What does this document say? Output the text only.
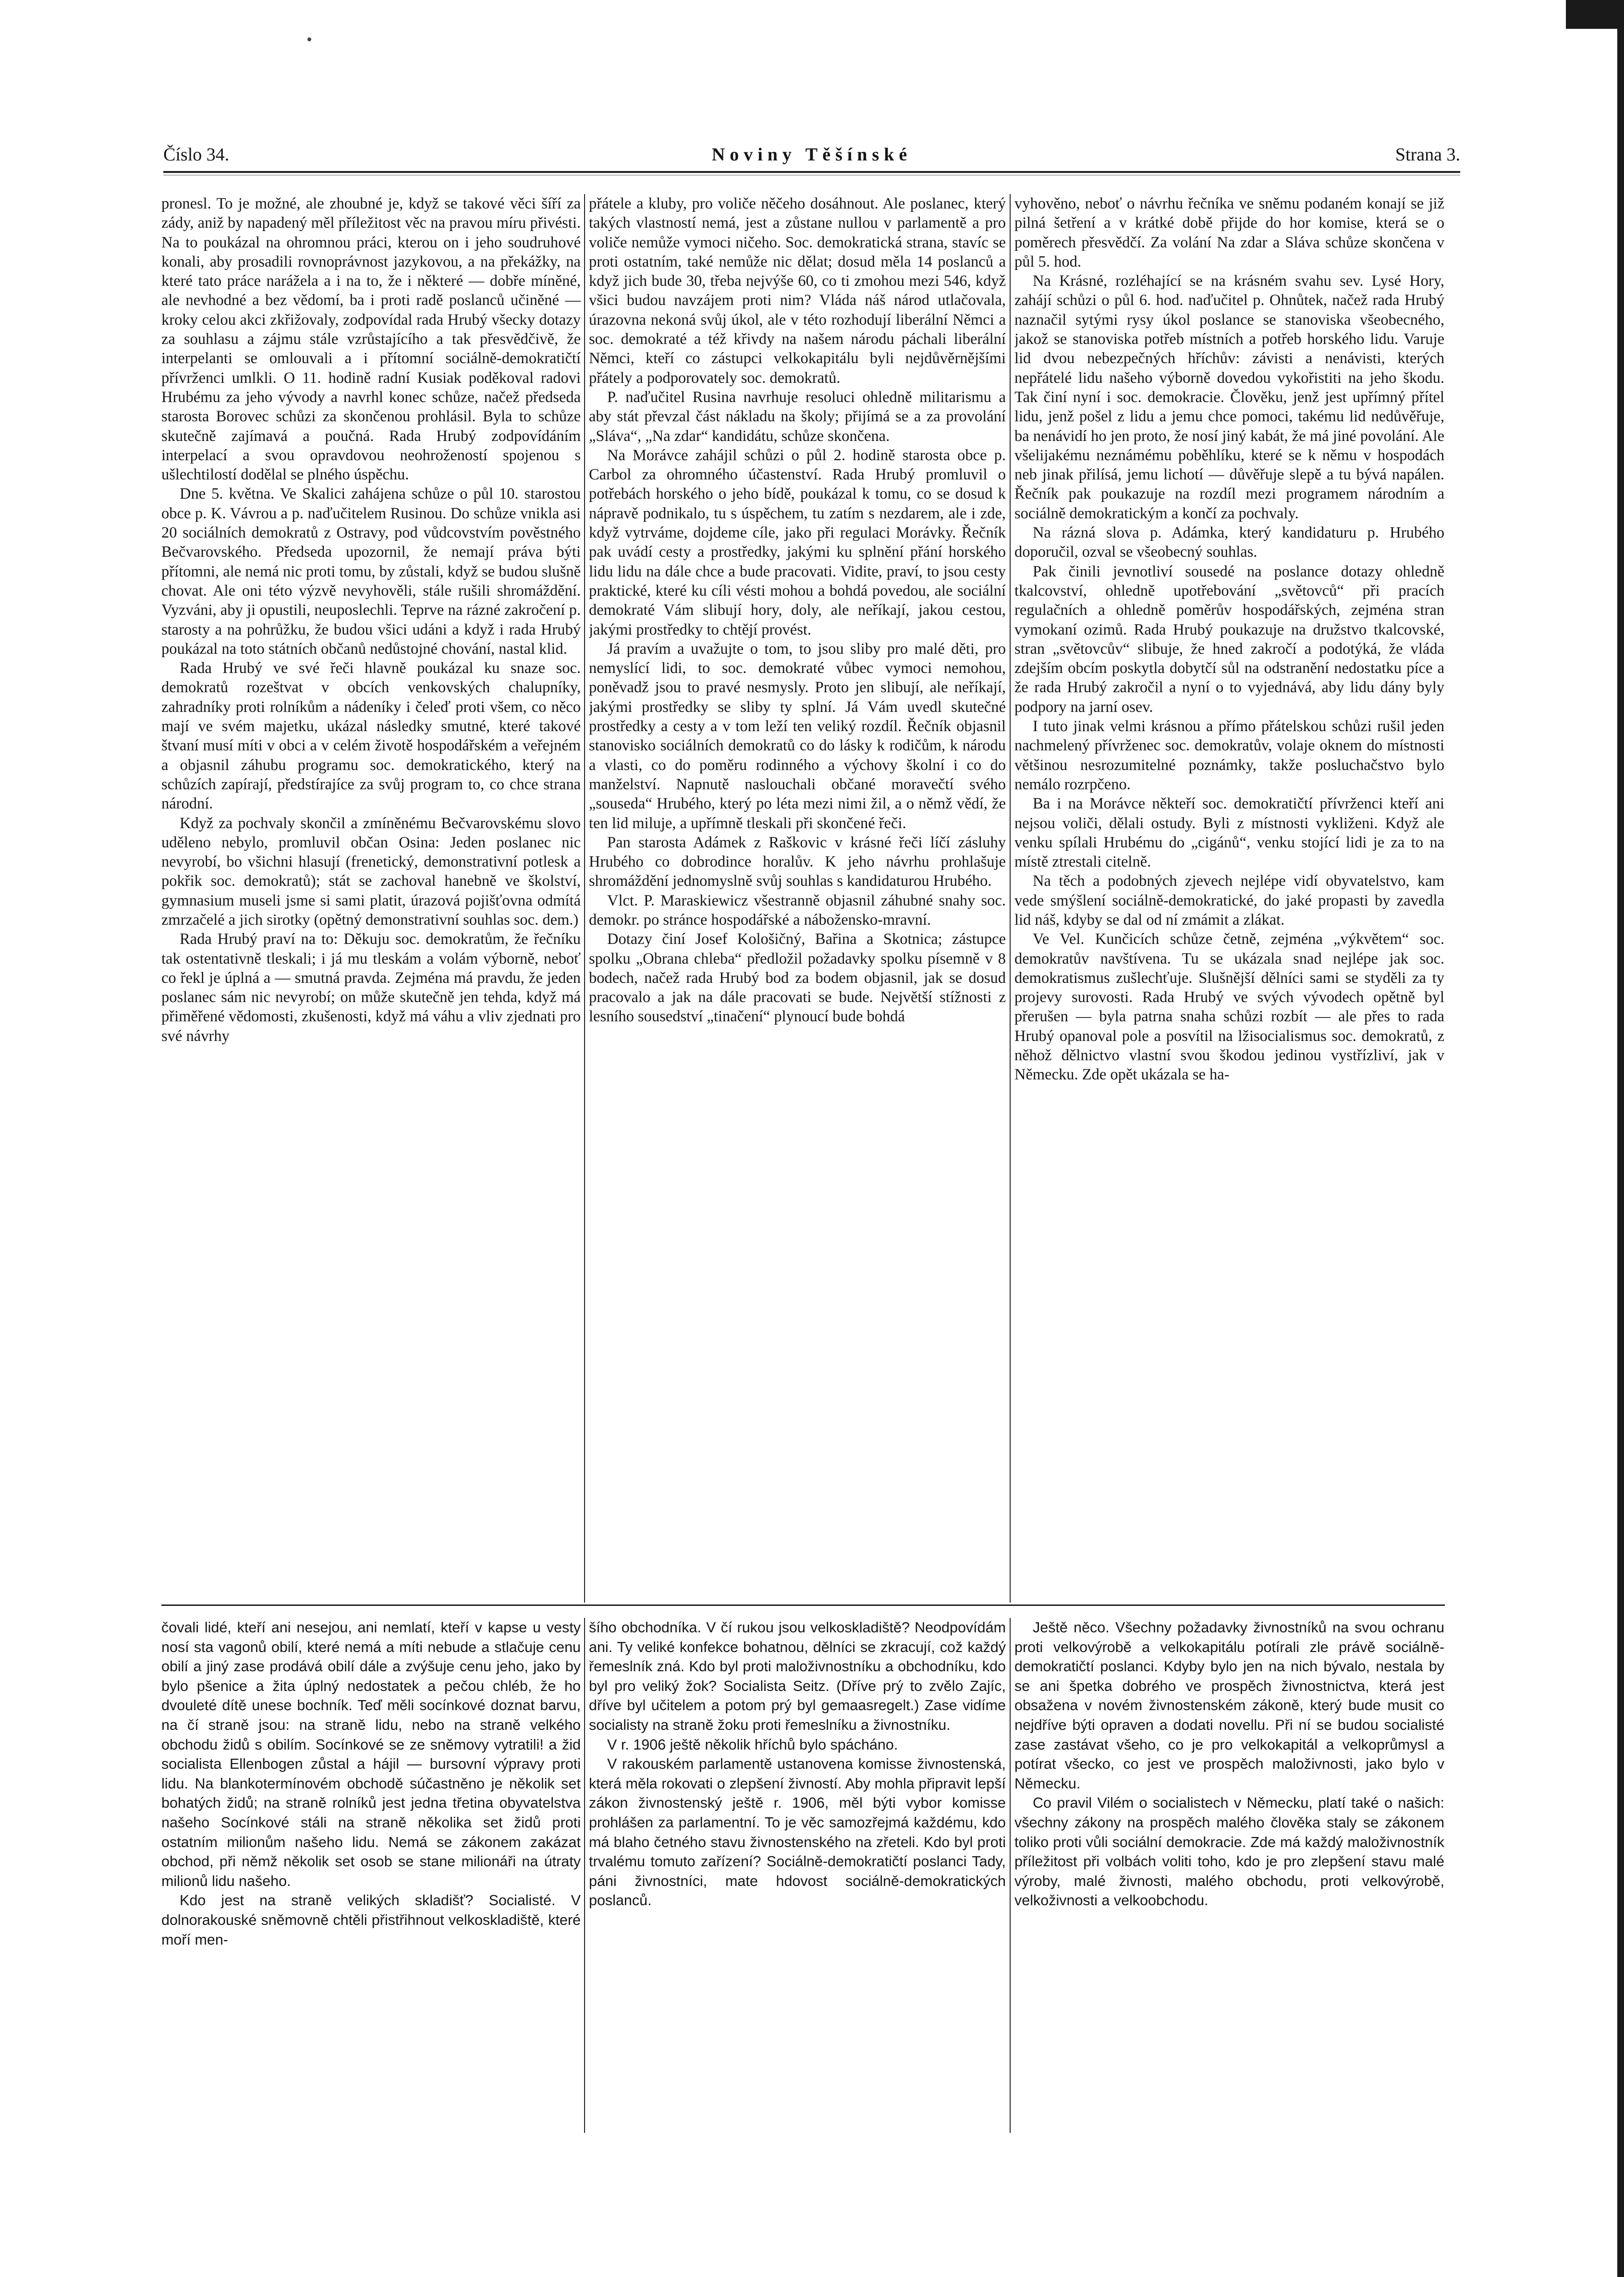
Číslo 34.	Noviny Těšínské	Strana 3.

pronesl. To je možné, ale zhoubné je, když se takové věci šíří za zády, aniž by napadený měl příležitost věc na pravou míru přivésti. Na to poukázal na ohromnou práci, kterou on i jeho soudruhové konali, aby prosadili rovnoprávnost jazykovou, a na překážky, na které tato práce narážela a i na to, že i některé — dobře míněné, ale nevhodné a bez vědomí, ba i proti radě poslanců učiněné — kroky celou akci zkřižovaly, zodpovídal rada Hrubý všecky dotazy za souhlasu a zájmu stále vzrůstajícího a tak přesvědčivě, že interpelanti se omlouvali a i přítomní sociálně-demokratičtí přívrženci umlkli. O 11. hodině radní Kusiak poděkoval radovi Hrubému za jeho vývody a navrhl konec schůze, načež předseda starosta Borovec schůzi za skončenou prohlásil. Byla to schůze skutečně zajímavá a poučná. Rada Hrubý zodpovídáním interpelací a svou opravdovou neohrožeností spojenou s ušlechtilostí dodělal se plného úspěchu.

Dne 5. května. Ve Skalici zahájena schůze o půl 10. starostou obce p. K. Vávrou a p. naďučitelem Rusinou. Do schůze vnikla asi 20 sociálních demokratů z Ostravy, pod vůdcovstvím pověstného Bečvarovského. Předseda upozornil, že nemají práva býti přítomni, ale nemá nic proti tomu, by zůstali, když se budou slušně chovat. Ale oni této výzvě nevyhověli, stále rušili shromáždění. Vyzváni, aby ji opustili, neuposlechli. Teprve na rázné zakročení p. starosty a na pohrůžku, že budou všici udáni a když i rada Hrubý poukázal na toto státních občanů nedůstojné chování, nastal klid.

Rada Hrubý ve své řeči hlavně poukázal ku snaze soc. demokratů rozeštvat v obcích venkovských chalupníky, zahradníky proti rolníkům a nádeníky i čeleď proti všem, co něco mají ve svém majetku, ukázal následky smutné, které takové štvaní musí míti v obci a v celém životě hospodářském a veřejném a objasnil záhubu programu soc. demokratického, který na schůzích zapírají, předstírajíce za svůj program to, co chce strana národní.

Když za pochvaly skončil a zmíněnému Bečvarovskému slovo uděleno nebylo, promluvil občan Osina: Jeden poslanec nic nevyrobí, bo všichni hlasují (frenetický, demonstrativní potlesk a pokřik soc. demokratů); stát se zachoval hanebně ve školství, gymnasium museli jsme si sami platit, úrazová pojišťovna odmítá zmrzačelé a jich sirotky (opětný demonstrativní souhlas soc. dem.)

Rada Hrubý praví na to: Děkuju soc. demokratům, že řečníku tak ostentativně tleskali; i já mu tleskám a volám výborně, neboť co řekl je úplná a — smutná pravda. Zejména má pravdu, že jeden poslanec sám nic nevyrobí; on může skutečně jen tehda, když má přiměřené vědomosti, zkušenosti, když má váhu a vliv zjednati pro své návrhy

přátele a kluby, pro voliče něčeho dosáhnout. Ale poslanec, který takých vlastností nemá, jest a zůstane nullou v parlamentě a pro voliče nemůže vymoci ničeho. Soc. demokratická strana, stavíc se proti ostatním, také nemůže nic dělat; dosud měla 14 poslanců a když jich bude 30, třeba nejvýše 60, co ti zmohou mezi 546, když všici budou navzájem proti nim? Vláda náš národ utlačovala, úrazovna nekoná svůj úkol, ale v této rozhodují liberální Němci a soc. demokraté a též křivdy na našem národu páchali liberální Němci, kteří co zástupci velkokapitálu byli nejdůvěrnějšími přátely a podporovately soc. demokratů.

P. naďučitel Rusina navrhuje resoluci ohledně militarismu a aby stát převzal část nákladu na školy; přijímá se a za provolání „Sláva“, „Na zdar“ kandidátu, schůze skončena.

Na Morávce zahájil schůzi o půl 2. hodině starosta obce p. Carbol za ohromného účastenství. Rada Hrubý promluvil o potřebách horského o jeho bídě, poukázal k tomu, co se dosud k nápravě podnikalo, tu s úspěchem, tu zatím s nezdarem, ale i zde, když vytrváme, dojdeme cíle, jako při regulaci Morávky. Řečník pak uvádí cesty a prostředky, jakými ku splnění přání horského lidu lidu na dále chce a bude pracovati. Vidite, praví, to jsou cesty praktické, které ku cíli vésti mohou a bohdá povedou, ale sociální demokraté Vám slibují hory, doly, ale neříkají, jakou cestou, jakými prostředky to chtějí provést.

Já pravím a uvažujte o tom, to jsou sliby pro malé děti, pro nemyslící lidi, to soc. demokraté vůbec vymoci nemohou, poněvadž jsou to pravé nesmysly. Proto jen slibují, ale neříkají, jakými prostředky se sliby ty splní. Já Vám uvedl skutečné prostředky a cesty a v tom leží ten veliký rozdíl. Řečník objasnil stanovisko sociálních demokratů co do lásky k rodičům, k národu a vlasti, co do poměru rodinného a výchovy školní i co do manželství. Napnutě naslouchali občané moravečtí svého „souseda“ Hrubého, který po léta mezi nimi žil, a o němž vědí, že ten lid miluje, a upřímně tleskali při skončené řeči.

Pan starosta Adámek z Raškovic v krásné řeči líčí zásluhy Hrubého co dobrodince horalův. K jeho návrhu prohlašuje shromáždění jednomyslně svůj souhlas s kandidaturou Hrubého.

Vlct. P. Maraskiewicz všestranně objasnil záhubné snahy soc. demokr. po stránce hospodářské a nábožensko-mravní.

Dotazy činí Josef Kološičný, Bařina a Skotnica; zástupce spolku „Obrana chleba“ předložil požadavky spolku písemně v 8 bodech, načež rada Hrubý bod za bodem objasnil, jak se dosud pracovalo a jak na dále pracovati se bude. Největší stížnosti z lesního sousedství „tinačení“ plynoucí bude bohdá

vyhověno, neboť o návrhu řečníka ve sněmu podaném konají se již pilná šetření a v krátké době přijde do hor komise, která se o poměrech přesvědčí. Za volání Na zdar a Sláva schůze skončena v půl 5. hod.

Na Krásné, rozléhající se na krásném svahu sev. Lysé Hory, zahájí schůzi o půl 6. hod. naďučitel p. Ohnůtek, načež rada Hrubý naznačil sytými rysy úkol poslance se stanoviska všeobecného, jakož se stanoviska potřeb místních a potřeb horského lidu. Varuje lid dvou nebezpečných hříchův: závisti a nenávisti, kterých nepřátelé lidu našeho výborně dovedou vykořistiti na jeho škodu. Tak činí nyní i soc. demokracie. Člověku, jenž jest upřímný přítel lidu, jenž pošel z lidu a jemu chce pomoci, takému lid nedůvěřuje, ba nenávidí ho jen proto, že nosí jiný kabát, že má jiné povolání. Ale všelijakému neznámému poběhlíku, které se k němu v hospodách neb jinak přilísá, jemu lichotí — důvěřuje slepě a tu bývá napálen. Řečník pak poukazuje na rozdíl mezi programem národním a sociálně demokratickým a končí za pochvaly.

Na rázná slova p. Adámka, který kandidaturu p. Hrubého doporučil, ozval se všeobecný souhlas.

Pak činili jevnotliví sousedé na poslance dotazy ohledně tkalcovství, ohledně upotřebování „světovců“ při pracích regulačních a ohledně poměrův hospodářských, zejména stran vymokaní ozimů. Rada Hrubý poukazuje na družstvo tkalcovské, stran „světovcův“ slibuje, že hned zakročí a podotýká, že vláda zdejším obcím poskytla dobytčí sůl na odstranění nedostatku píce a že rada Hrubý zakročil a nyní o to vyjednává, aby lidu dány byly podpory na jarní osev.

I tuto jinak velmi krásnou a přímo přátelskou schůzi rušil jeden nachmelený přívrženec soc. demokratův, volaje oknem do místnosti většinou nesrozumitelné poznámky, takže posluchačstvo bylo nemálo rozrpčeno.

Ba i na Morávce někteří soc. demokratičtí přívrženci kteří ani nejsou voliči, dělali ostudy. Byli z místnosti vykliženi. Když ale venku spílali Hrubému do „cigánů“, venku stojící lidi je za to na místě ztrestali citelně.

Na těch a podobných zjevech nejlépe vidí obyvatelstvo, kam vede smýšlení sociálně-demokratické, do jaké propasti by zavedla lid náš, kdyby se dal od ní zmámit a zlákat.

Ve Vel. Kunčicích schůze četně, zejména „výkvětem“ soc. demokratův navštívena. Tu se ukázala snad nejlépe jak soc. demokratismus zušlechťuje. Slušnější dělníci sami se styděli za ty projevy surovosti. Rada Hrubý ve svých vývodech opětně byl přerušen — byla patrna snaha schůzi rozbít — ale přes to rada Hrubý opanoval pole a posvítil na lžisocialismus soc. demokratů, z něhož dělnictvo vlastní svou škodou jedinou vystřízliví, jak v Německu. Zde opět ukázala se ha-

čovali lidé, kteří ani nesejou, ani nemlatí, kteří v kapse u vesty nosí sta vagonů obilí, které nemá a míti nebude a stlačuje cenu obilí a jiný zase prodává obilí dále a zvýšuje cenu jeho, jako by bylo pšenice a žita úplný nedostatek a pečou chléb, že ho dvouleté dítě unese bochník. Teď měli socínkové doznat barvu, na čí straně jsou: na straně lidu, nebo na straně velkého obchodu židů s obilím. Socínkové se ze sněmovy vytratili! a žid socialista Ellenbogen zůstal a hájil — bursovní výpravy proti lidu. Na blankotermínovém obchodě súčastněno je několik set bohatých židů; na straně rolníků jest jedna třetina obyvatelstva našeho Socínkové stáli na straně několika set židů proti ostatním milionům našeho lidu. Nemá se zákonem zakázat obchod, při němž několik set osob se stane milionáři na útraty milionů lidu našeho.

Kdo jest na straně velikých skladišť? Socialisté. V dolnorakouské sněmovně chtěli přistřihnout velkoskladiště, které moří men-

šího obchodníka. V čí rukou jsou velkoskladiště? Neodpovídám ani. Ty veliké konfekce bohatnou, dělníci se zkracují, což každý řemeslník zná. Kdo byl proti maloživnostníku a obchodníku, kdo byl pro veliký žok? Socialista Seitz. (Dříve prý to zvělo Zajíc, dříve byl učitelem a potom prý byl gemaasregelt.) Zase vidíme socialisty na straně žoku proti řemeslníku a živnostníku.

V r. 1906 ještě několik hříchů bylo spácháno.

V rakouském parlamentě ustanovena komisse živnostenská, která měla rokovati o zlepšení živností. Aby mohla připravit lepší zákon živnostenský ještě r. 1906, měl býti vybor komisse prohlášen za parlamentní. To je věc samozřejmá každému, kdo má blaho četného stavu živnostenského na zřeteli. Kdo byl proti trvalému tomuto zařízení? Sociálně-demokratičtí poslanci Tady, páni živnostníci, mate hdovost sociálně-demokratických poslanců.

Ještě něco. Všechny požadavky živnostníků na svou ochranu proti velkovýrobě a velkokapitálu potírali zle právě sociálně-demokratičtí poslanci. Kdyby bylo jen na nich bývalo, nestala by se ani špetka dobrého ve prospěch živnostnictva, která jest obsažena v novém živnostenském zákoně, který bude musit co nejdříve býti opraven a dodati novellu. Při ní se budou socialisté zase zastávat všeho, co je pro velkokapitál a velkoprůmysl a potírat všecko, co jest ve prospěch maloživnosti, jako bylo v Německu.

Co pravil Vilém o socialistech v Německu, platí také o našich: všechny zákony na prospěch malého člověka staly se zákonem toliko proti vůli sociální demokracie. Zde má každý maloživnostník příležitost při volbách voliti toho, kdo je pro zlepšení stavu malé výroby, malé živnosti, malého obchodu, proti velkovýrobě, velkoživnosti a velkoobchodu.
